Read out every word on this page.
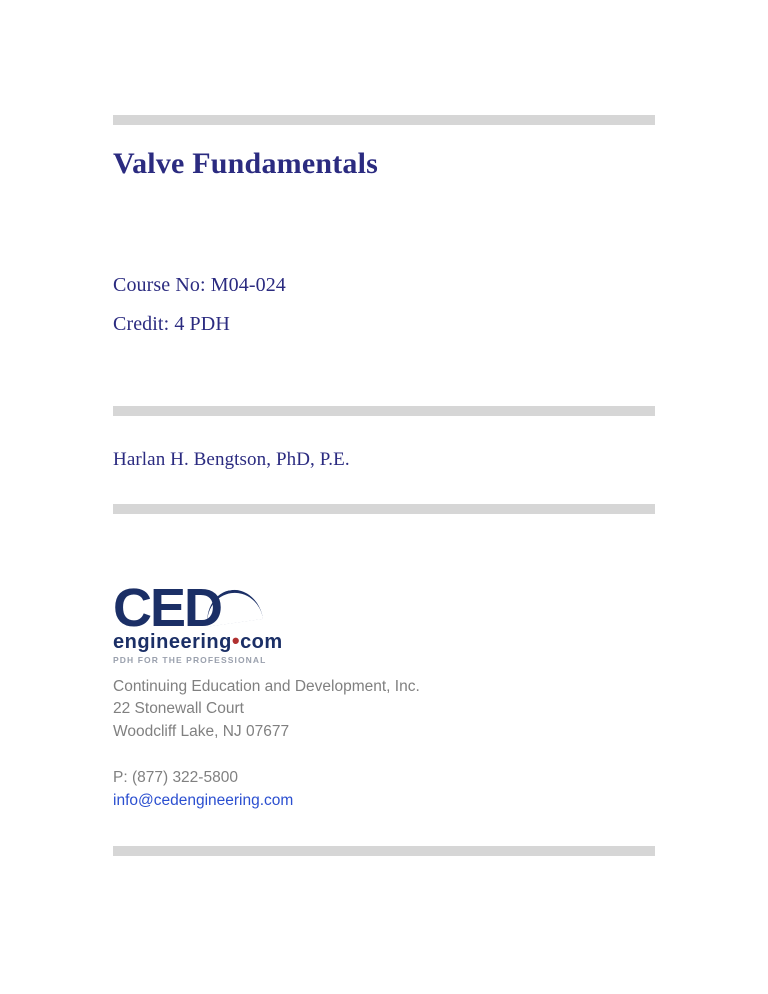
Valve Fundamentals
Course No: M04-024
Credit: 4 PDH
Harlan H. Bengtson, PhD, P.E.
CED
engineering•com
PDH FOR THE PROFESSIONAL
Continuing Education and Development, Inc.
22 Stonewall Court
Woodcliff Lake, NJ 07677
P: (877) 322-5800
info@cedengineering.com
